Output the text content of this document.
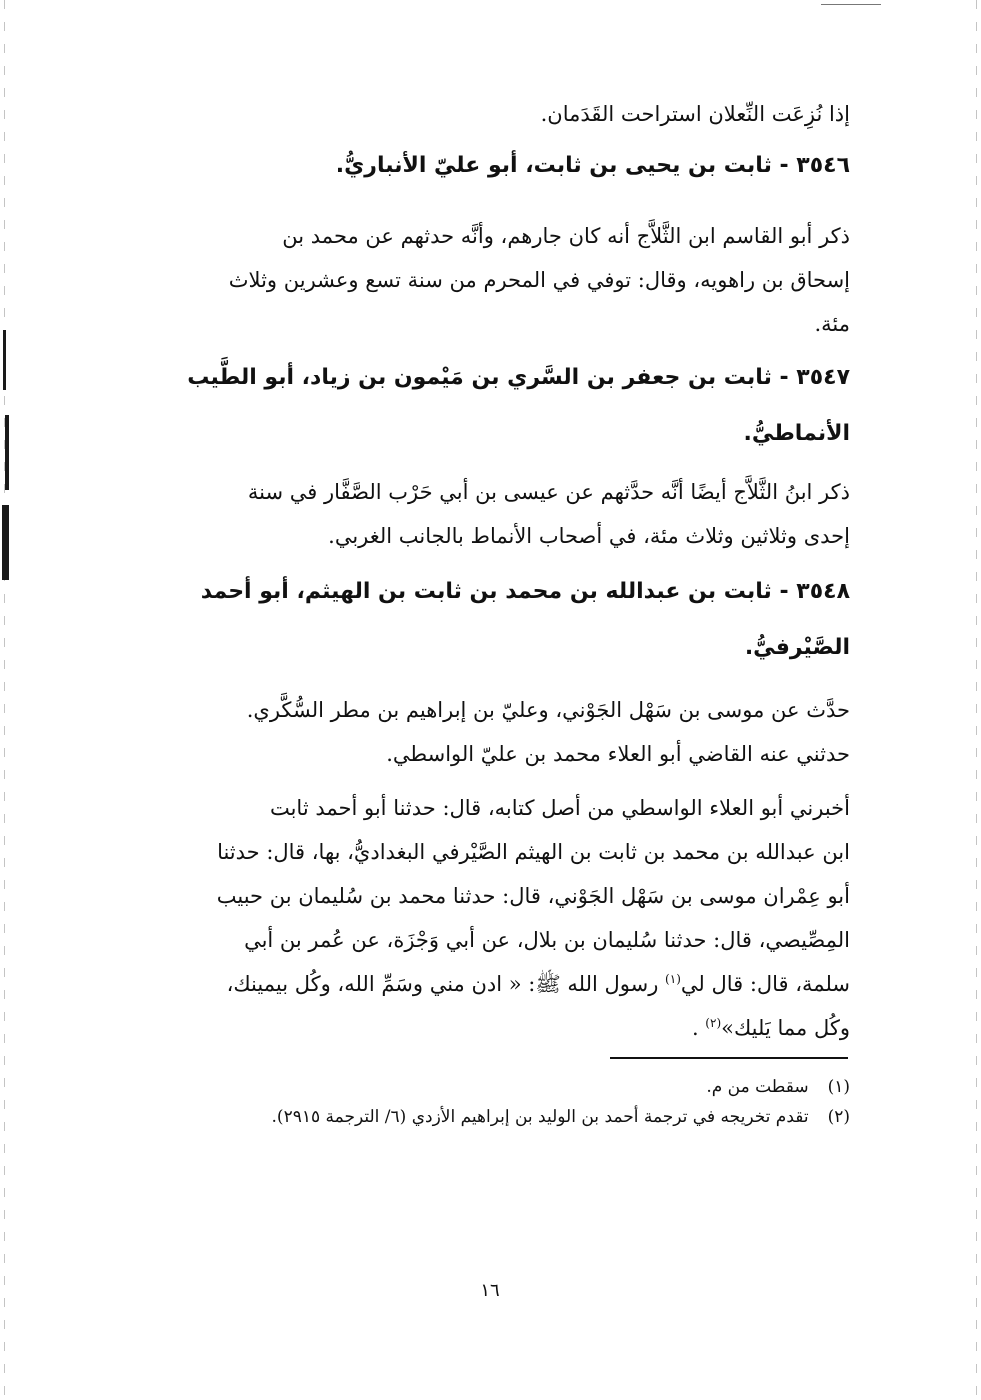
إذا نُزِعَت النِّعلان استراحت القَدَمان.
٣٥٤٦ - ثابت بن يحيى بن ثابت، أبو عليّ الأنباريُّ.
ذكر أبو القاسم ابن الثَّلاَّج أنه كان جارهم، وأنَّه حدثهم عن محمد بن
إسحاق بن راهويه، وقال: توفي في المحرم من سنة تسع وعشرين وثلاث
مئة.
٣٥٤٧ - ثابت بن جعفر بن السَّري بن مَيْمون بن زياد، أبو الطَّيب
الأنماطيُّ.
ذكر ابنُ الثَّلاَّج أيضًا أنَّه حدَّثهم عن عيسى بن أبي حَرْب الصَّفَّار في سنة
إحدى وثلاثين وثلاث مئة، في أصحاب الأنماط بالجانب الغربي.
٣٥٤٨ - ثابت بن عبدالله بن محمد بن ثابت بن الهيثم، أبو أحمد
الصَّيْرفيُّ.
حدَّث عن موسى بن سَهْل الجَوْني، وعليّ بن إبراهيم بن مطر السُّكَّري.
حدثني عنه القاضي أبو العلاء محمد بن عليّ الواسطي.
أخبرني أبو العلاء الواسطي من أصل كتابه، قال: حدثنا أبو أحمد ثابت
ابن عبدالله بن محمد بن ثابت بن الهيثم الصَّيْرفي البغداديُّ، بها، قال: حدثنا
أبو عِمْران موسى بن سَهْل الجَوْني، قال: حدثنا محمد بن سُليمان بن حبيب
المِصِّيصي، قال: حدثنا سُليمان بن بلال، عن أبي وَجْزَة، عن عُمر بن أبي
سلمة، قال: قال لي$^{(١)}$ رسول الله ﷺ: « ادن مني وسَمِّ الله، وكُل بيمينك،
وكُل مما يَليك»$^{(٢)}$ .
(١) سقطت من م.
(٢) تقدم تخريجه في ترجمة أحمد بن الوليد بن إبراهيم الأزدي (٦/ الترجمة ٢٩١٥).
١٦
